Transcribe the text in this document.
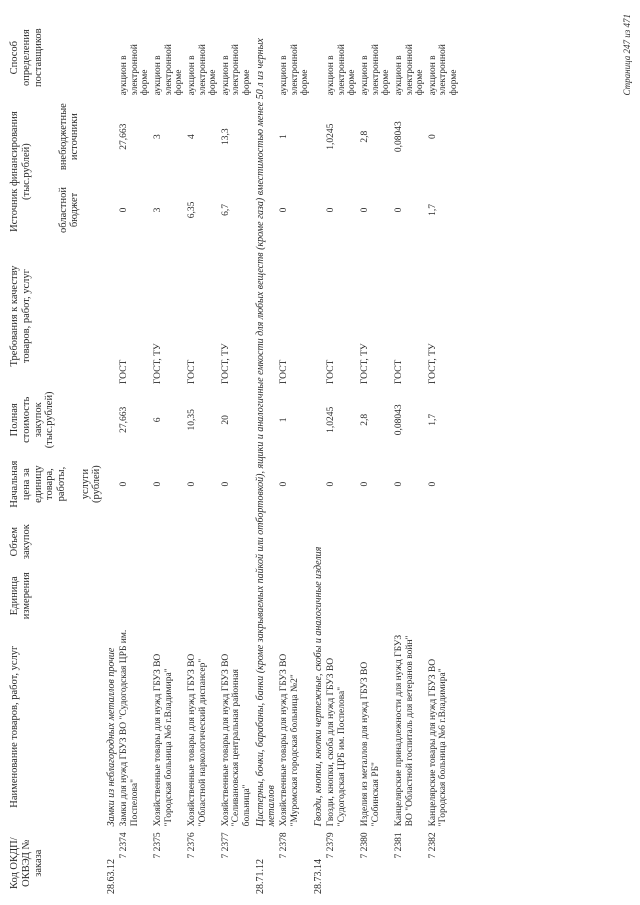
Код ОКДП/ ОКВЭД № заказа	Наименование товаров, работ, услуг	Единица измерения	Объем закупок	Начальная цена за единицу товара, работы, услуги (рублей)	Полная стоимость закупок (тыс.рублей)	Требования к качеству товаров, работ, услуг	Источник финансирования (тыс.рублей)		Способ определения поставщиков
							областной бюджет	внебюджетные источники	
28.63.12	Замки из неблагородных металлов прочие								
7 2374	Замки для нужд ГБУЗ ВО "Судогодская ЦРБ им. Поспелова"			0	27,663	ГОСТ	0	27,663	аукцион в электронной форме
7 2375	Хозяйственные товары для нужд ГБУЗ ВО "Городская больница №6 г.Владимира"			0	6	ГОСТ, ТУ	3	3	аукцион в электронной форме
7 2376	Хозяйственные товары для нужд ГБУЗ ВО "Областной наркологический диспансер"			0	10,35	ГОСТ	6,35	4	аукцион в электронной форме
7 2377	Хозяйственные товары для нужд ГБУЗ ВО "Селивановская центральная районная больница"			0	20	ГОСТ, ТУ	6,7	13,3	аукцион в электронной форме
28.71.12	Цистерны, бочки, барабаны, банки (кроме закрываемых пайкой или отбортовкой), ящики и аналогичные емкости для любых веществ (кроме газа) вместимостью менее 50 л из черных металлов								
7 2378	Хозяйственные товары для нужд ГБУЗ ВО "Муромская городская больница №2"			0	1	ГОСТ	0	1	аукцион в электронной форме
28.73.14	Гвозди, кнопки, кнопки чертежные, скобы и аналогичные изделия								
7 2379	Гвозди, кнопки, скоба для нужд ГБУЗ ВО "Судогодская ЦРБ им. Поспелова"			0	1,0245	ГОСТ	0	1,0245	аукцион в электронной форме
7 2380	Изделия из металлов для нужд ГБУЗ ВО "Собинская РБ"			0	2,8	ГОСТ, ТУ	0	2,8	аукцион в электронной форме
7 2381	Канцелярские принадлежности для нужд ГБУЗ ВО "Областной госпиталь для ветеранов войн"			0	0,08043	ГОСТ	0	0,08043	аукцион в электронной форме
7 2382	Канцелярские товары для нужд ГБУЗ ВО "Городская больница №6 г.Владимира"			0	1,7	ГОСТ, ТУ	1,7	0	аукцион в электронной форме	Страница 247 из 471
